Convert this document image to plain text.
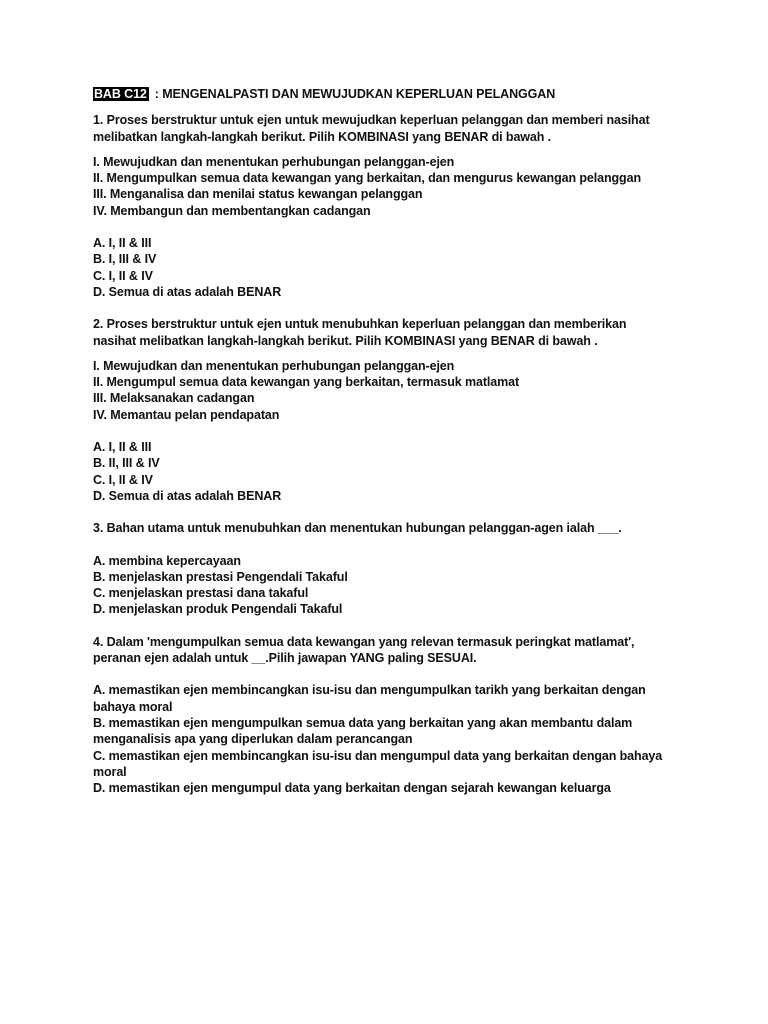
BAB C12 : MENGENALPASTI DAN MEWUJUDKAN KEPERLUAN PELANGGAN
1. Proses berstruktur untuk ejen untuk mewujudkan keperluan pelanggan dan memberi nasihat
melibatkan langkah-langkah berikut. Pilih KOMBINASI yang BENAR di bawah .
I. Mewujudkan dan menentukan perhubungan pelanggan-ejen
II. Mengumpulkan semua data kewangan yang berkaitan, dan mengurus kewangan pelanggan
III. Menganalisa dan menilai status kewangan pelanggan
IV. Membangun dan membentangkan cadangan
A. I, II & III
B. I, III & IV
C. I, II & IV
D. Semua di atas adalah BENAR
2. Proses berstruktur untuk ejen untuk menubuhkan keperluan pelanggan dan memberikan
nasihat melibatkan langkah-langkah berikut. Pilih KOMBINASI yang BENAR di bawah .
I. Mewujudkan dan menentukan perhubungan pelanggan-ejen
II. Mengumpul semua data kewangan yang berkaitan, termasuk matlamat
III. Melaksanakan cadangan
IV. Memantau pelan pendapatan
A. I, II & III
B. II, III & IV
C. I, II & IV
D. Semua di atas adalah BENAR
3. Bahan utama untuk menubuhkan dan menentukan hubungan pelanggan-agen ialah ___.
A. membina kepercayaan
B. menjelaskan prestasi Pengendali Takaful
C. menjelaskan prestasi dana takaful
D. menjelaskan produk Pengendali Takaful
4. Dalam 'mengumpulkan semua data kewangan yang relevan termasuk peringkat matlamat',
peranan ejen adalah untuk __.Pilih jawapan YANG paling SESUAI.
A. memastikan ejen membincangkan isu-isu dan mengumpulkan tarikh yang berkaitan dengan
bahaya moral
B. memastikan ejen mengumpulkan semua data yang berkaitan yang akan membantu dalam
menganalisis apa yang diperlukan dalam perancangan
C. memastikan ejen membincangkan isu-isu dan mengumpul data yang berkaitan dengan bahaya
moral
D. memastikan ejen mengumpul data yang berkaitan dengan sejarah kewangan keluarga
